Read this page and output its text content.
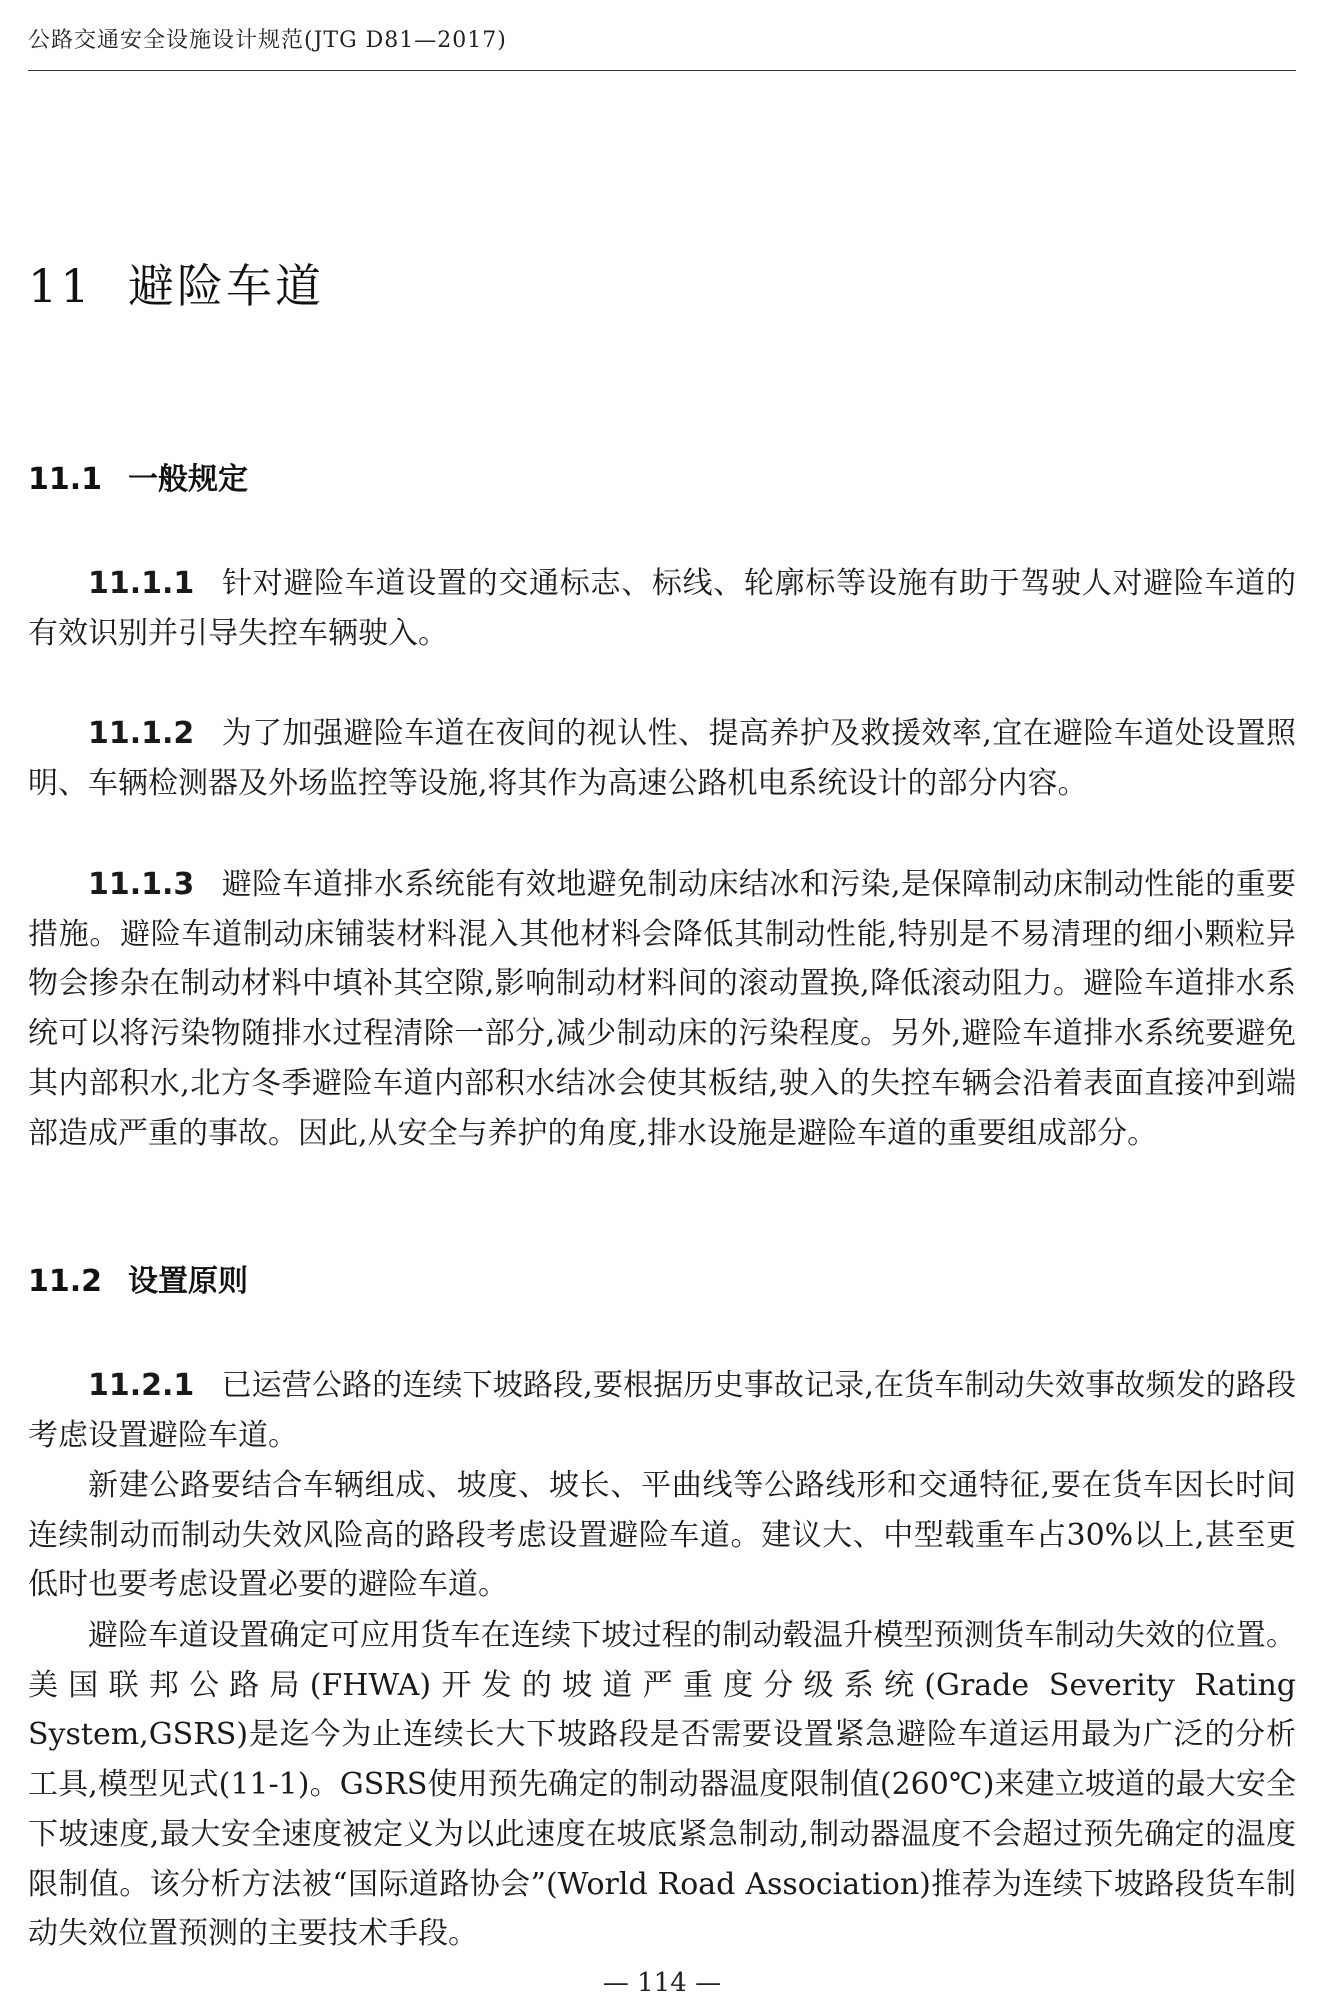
公路交通安全设施设计规范(JTG D81—2017)
11 避险车道
11.1 一般规定

11.1.1 针对避险车道设置的交通标志、标线、轮廓标等设施有助于驾驶人对避险车道的有效识别并引导失控车辆驶入。

11.1.2 为了加强避险车道在夜间的视认性、提高养护及救援效率,宜在避险车道处设置照明、车辆检测器及外场监控等设施,将其作为高速公路机电系统设计的部分内容。

11.1.3 避险车道排水系统能有效地避免制动床结冰和污染,是保障制动床制动性能的重要措施。避险车道制动床铺装材料混入其他材料会降低其制动性能,特别是不易清理的细小颗粒异物会掺杂在制动材料中填补其空隙,影响制动材料间的滚动置换,降低滚动阻力。避险车道排水系统可以将污染物随排水过程清除一部分,减少制动床的污染程度。另外,避险车道排水系统要避免其内部积水,北方冬季避险车道内部积水结冰会使其板结,驶入的失控车辆会沿着表面直接冲到端部造成严重的事故。因此,从安全与养护的角度,排水设施是避险车道的重要组成部分。

11.2 设置原则

11.2.1 已运营公路的连续下坡路段,要根据历史事故记录,在货车制动失效事故频发的路段考虑设置避险车道。

新建公路要结合车辆组成、坡度、坡长、平曲线等公路线形和交通特征,要在货车因长时间连续制动而制动失效风险高的路段考虑设置避险车道。建议大、中型载重车占30%以上,甚至更低时也要考虑设置必要的避险车道。

避险车道设置确定可应用货车在连续下坡过程的制动毂温升模型预测货车制动失效的位置。美国联邦公路局(FHWA)开发的坡道严重度分级系统(Grade Severity Rating System,GSRS)是迄今为止连续长大下坡路段是否需要设置紧急避险车道运用最为广泛的分析工具,模型见式(11-1)。GSRS使用预先确定的制动器温度限制值(260℃)来建立坡道的最大安全下坡速度,最大安全速度被定义为以此速度在坡底紧急制动,制动器温度不会超过预先确定的温度限制值。该分析方法被“国际道路协会”(World Road Association)推荐为连续下坡路段货车制动失效位置预测的主要技术手段。

— 114 —
